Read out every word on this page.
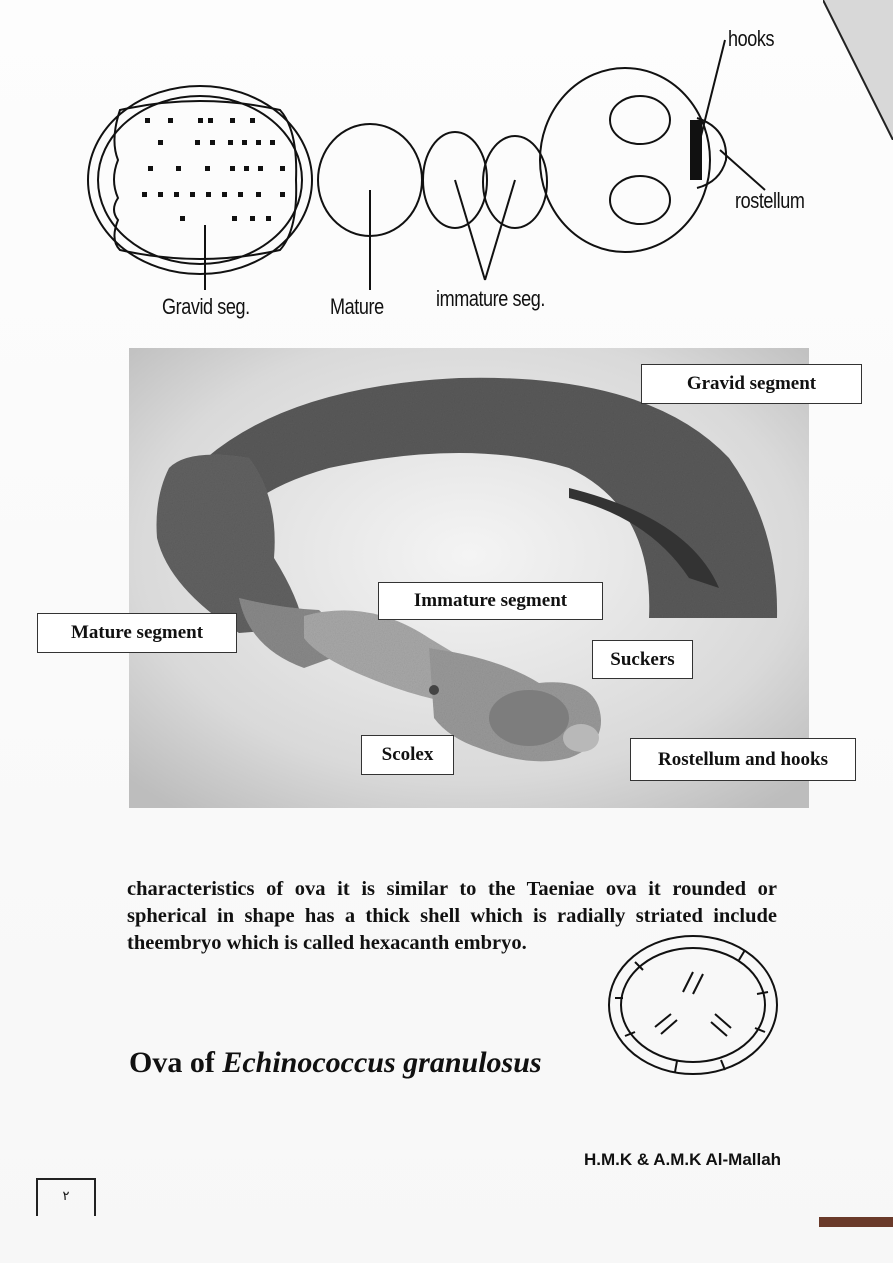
hooks
rostellum
Gravid seg.	Mature immature seg.
Gravid segment
Immature segment
Mature segment
Suckers
Scolex	Rostellum and hooks
characteristics of ova it is similar to the Taeniae ova it rounded or spherical in shape has a thick shell which is radially striated include theembryo which is called hexacanth embryo.
Ova of Echinococcus granulosus
H.M.K & A.M.K Al-Mallah
٢
